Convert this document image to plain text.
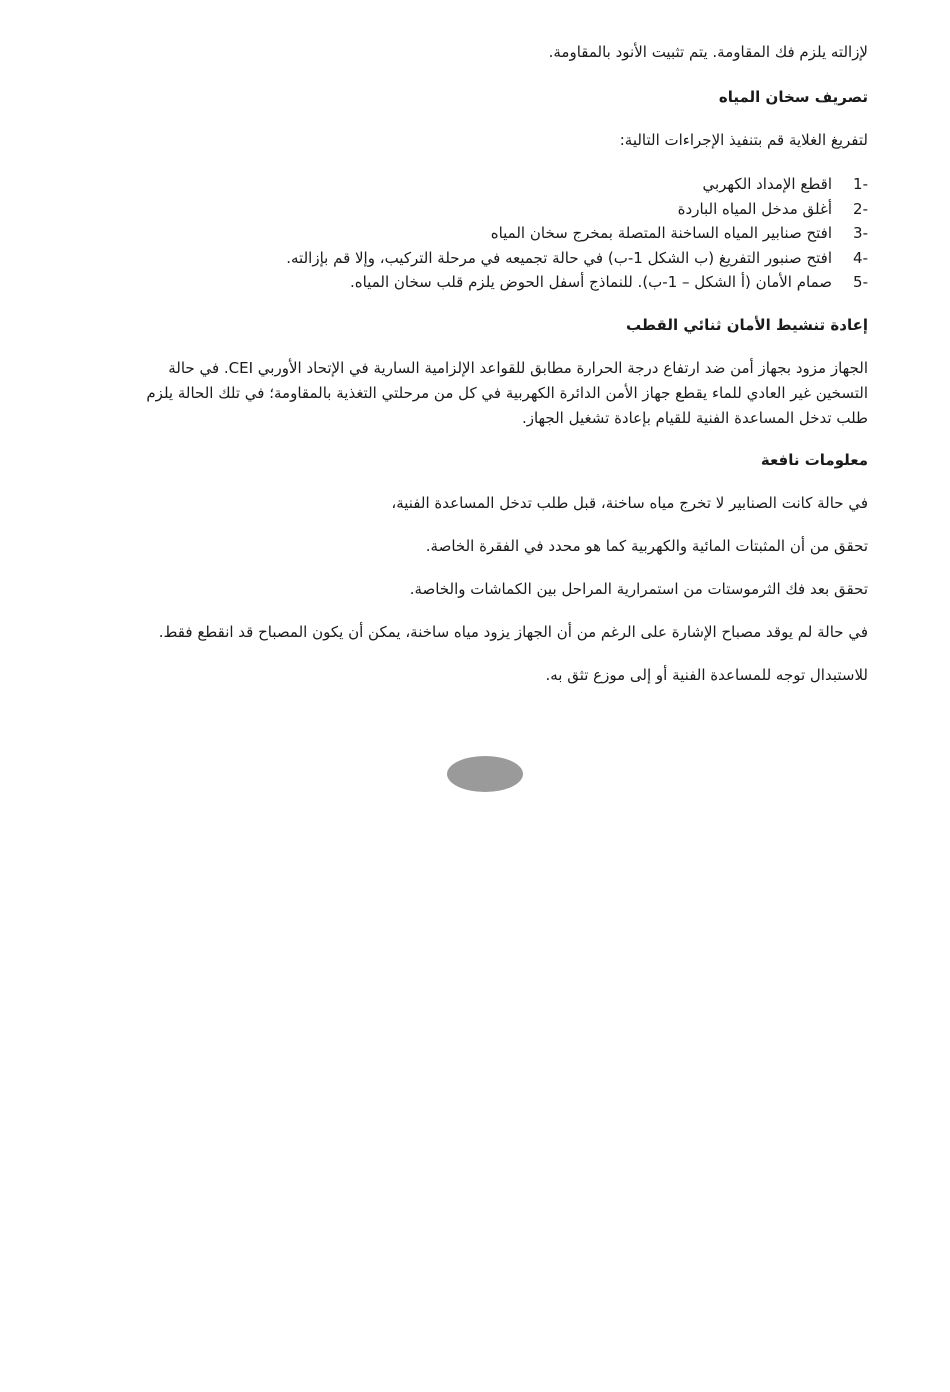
لإزالته يلزم فك المقاومة. يتم تثبيت الأنود بالمقاومة.

تصريف سخان المياه

لتفريغ الغلاية قم بتنفيذ الإجراءات التالية:

1-
اقطع الإمداد الكهربي
2-
أغلق مدخل المياه الباردة
3-
افتح صنابير المياه الساخنة المتصلة بمخرج سخان المياه
4-
افتح صنبور التفريغ (ب الشكل 1-ب) في حالة تجميعه في مرحلة التركيب، وإلا قم بإزالته.
5-
صمام الأمان (أ الشكل – 1-ب). للنماذج أسفل الحوض يلزم قلب سخان المياه.

إعادة تنشيط الأمان ثنائي القطب

الجهاز مزود بجهاز أمن ضد ارتفاع درجة الحرارة مطابق للقواعد الإلزامية السارية في الإتحاد الأوربي CEI. في حالة

التسخين غير العادي للماء يقطع جهاز الأمن الدائرة الكهربية في كل من مرحلتي التغذية بالمقاومة؛ في تلك الحالة يلزم

طلب تدخل المساعدة الفنية للقيام بإعادة تشغيل الجهاز.

معلومات نافعة

في حالة كانت الصنابير لا تخرج مياه ساخنة، قبل طلب تدخل المساعدة الفنية،

تحقق من أن المثبتات المائية والكهربية كما هو محدد في الفقرة الخاصة.

تحقق بعد فك الثرموستات من استمرارية المراحل بين الكماشات والخاصة.

في حالة لم يوقد مصباح الإشارة على الرغم من أن الجهاز يزود مياه ساخنة، يمكن أن يكون المصباح قد انقطع فقط.

للاستبدال توجه للمساعدة الفنية أو إلى موزع تثق به.
